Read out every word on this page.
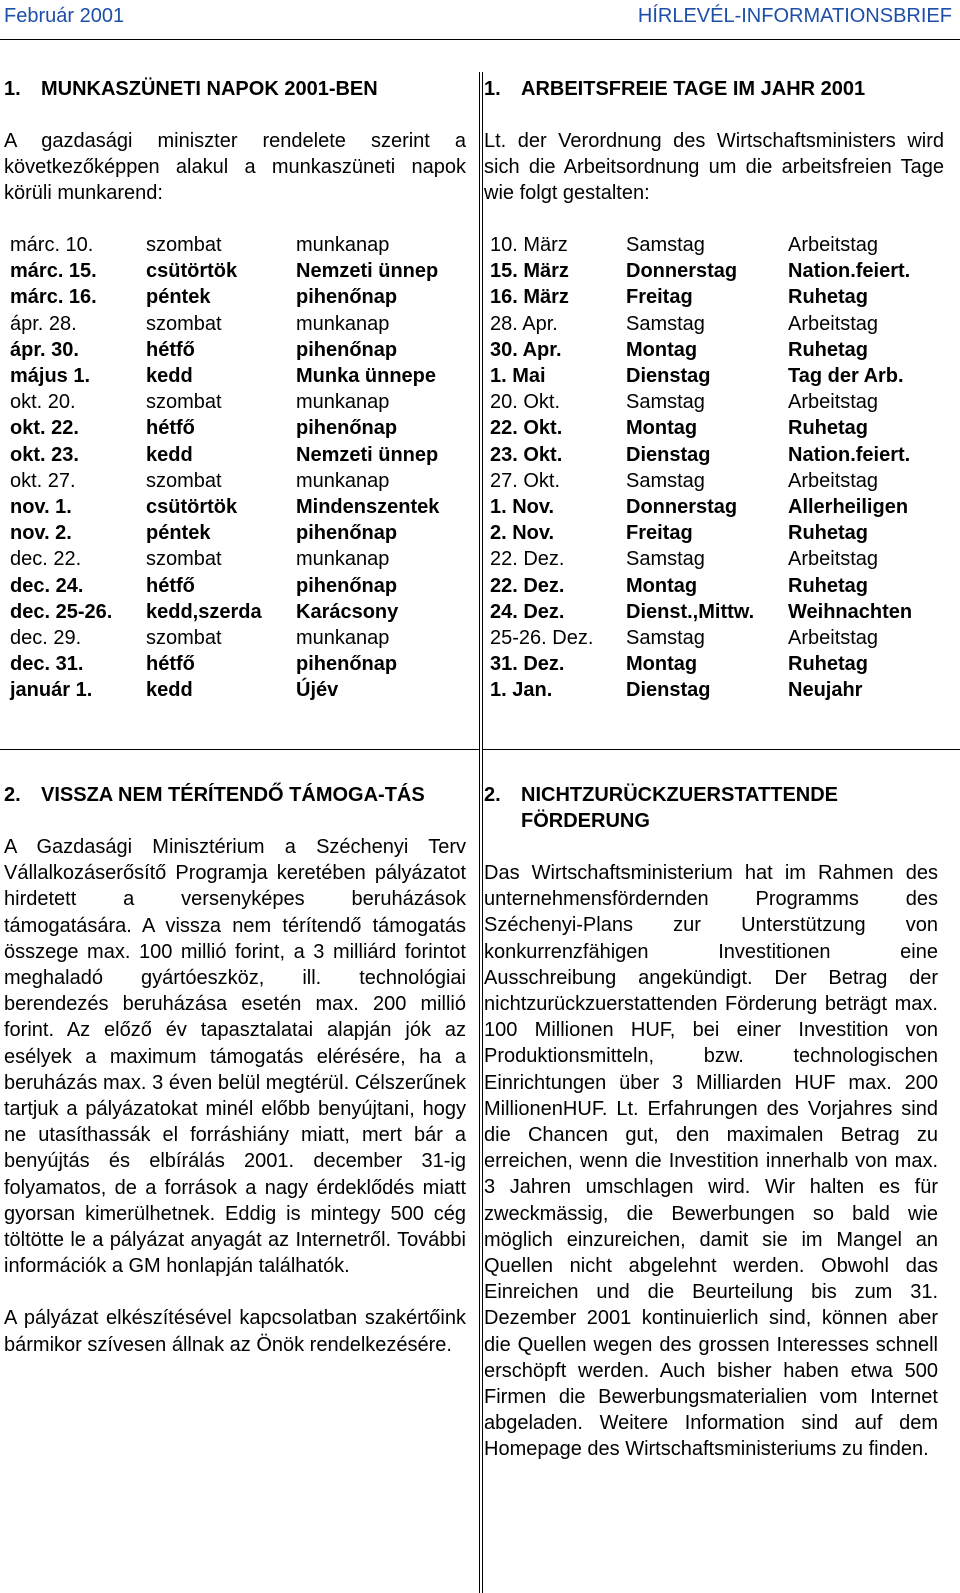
Február 2001	HÍRLEVÉL-INFORMATIONSBRIEF
1.	MUNKASZÜNETI NAPOK 2001-BEN

A gazdasági miniszter rendelete szerint a következőképpen alakul a munkaszüneti napok körüli munkarend:

márc. 10.	szombat	munkanap
márc. 15.	csütörtök	Nemzeti ünnep
márc. 16.	péntek	pihenőnap
ápr. 28.	szombat	munkanap
ápr. 30.	hétfő	pihenőnap
május 1.	kedd	Munka ünnepe
okt. 20.	szombat	munkanap
okt. 22.	hétfő	pihenőnap
okt. 23.	kedd	Nemzeti ünnep
okt. 27.	szombat	munkanap
nov. 1.	csütörtök	Mindenszentek
nov. 2.	péntek	pihenőnap
dec. 22.	szombat	munkanap
dec. 24.	hétfő	pihenőnap
dec. 25-26.	kedd,szerda	Karácsony
dec. 29.	szombat	munkanap
dec. 31.	hétfő	pihenőnap
január 1.	kedd	Újév
1.	ARBEITSFREIE TAGE IM JAHR 2001

Lt. der Verordnung des Wirtschaftsministers wird sich die Arbeitsordnung um die arbeitsfreien Tage wie folgt gestalten:

10. März	Samstag	Arbeitstag
15. März	Donnerstag	Nation.feiert.
16. März	Freitag	Ruhetag
28. Apr.	Samstag	Arbeitstag
30. Apr.	Montag	Ruhetag
1. Mai	Dienstag	Tag der Arb.
20. Okt.	Samstag	Arbeitstag
22. Okt.	Montag	Ruhetag
23. Okt.	Dienstag	Nation.feiert.
27. Okt.	Samstag	Arbeitstag
1. Nov.	Donnerstag	Allerheiligen
2. Nov.	Freitag	Ruhetag
22. Dez.	Samstag	Arbeitstag
22. Dez.	Montag	Ruhetag
24. Dez.	Dienst.,Mittw.	Weihnachten
25-26. Dez.	Samstag	Arbeitstag
31. Dez.	Montag	Ruhetag
1. Jan.	Dienstag	Neujahr
2.	VISSZA NEM TÉRÍTENDŐ TÁMOGA-TÁS

A Gazdasági Minisztérium a Széchenyi Terv Vállalkozáserősítő Programja keretében pályázatot hirdetett a versenyképes beruházások támogatására. A vissza nem térítendő támogatás összege max. 100 millió forint, a 3 milliárd forintot meghaladó gyártóeszköz, ill. technológiai berendezés beruházása esetén max. 200 millió forint. Az előző év tapasztalatai alapján jók az esélyek a maximum támogatás elérésére, ha a beruházás max. 3 éven belül megtérül. Célszerűnek tartjuk a pályázatokat minél előbb benyújtani, hogy ne utasíthassák el forráshiány miatt, mert bár a benyújtás és elbírálás 2001. december 31-ig folyamatos, de a források a nagy érdeklődés miatt gyorsan kimerülhetnek. Eddig is mintegy 500 cég töltötte le a pályázat anyagát az Internetről. További információk a GM honlapján találhatók.

A pályázat elkészítésével kapcsolatban szakértőink bármikor szívesen állnak az Önök rendelkezésére.

2.	NICHTZURÜCKZUERSTATTENDE FÖRDERUNG

Das Wirtschaftsministerium hat im Rahmen des unternehmensfördernden Programms des Széchenyi-Plans zur Unterstützung von konkurrenzfähigen Investitionen eine Ausschreibung angekündigt. Der Betrag der nichtzurückzuerstattenden Förderung beträgt max. 100 Millionen HUF, bei einer Investition von Produktionsmitteln, bzw. technologischen Einrichtungen über 3 Milliarden HUF max. 200 MillionenHUF. Lt. Erfahrungen des Vorjahres sind die Chancen gut, den maximalen Betrag zu erreichen, wenn die Investition innerhalb von max. 3 Jahren umschlagen wird. Wir halten es für zweckmässig, die Bewerbungen so bald wie möglich einzureichen, damit sie im Mangel an Quellen nicht abgelehnt werden. Obwohl das Einreichen und die Beurteilung bis zum 31. Dezember 2001 kontinuierlich sind, können aber die Quellen wegen des grossen Interesses schnell erschöpft werden. Auch bisher haben etwa 500 Firmen die Bewerbungsmaterialien vom Internet abgeladen. Weitere Information sind auf dem Homepage des Wirtschaftsministeriums zu finden.
